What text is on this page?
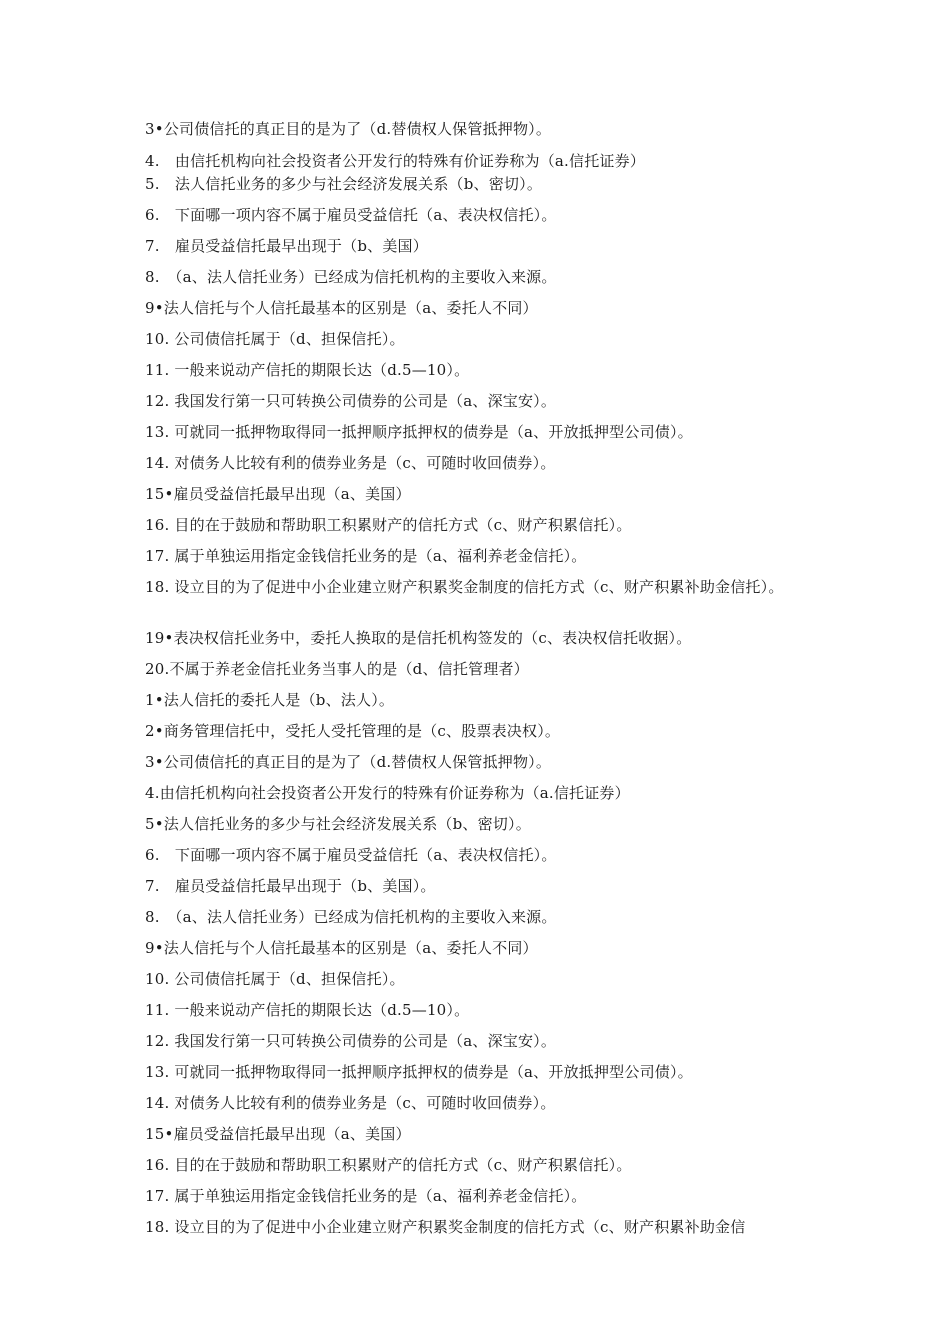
3•公司债信托的真正目的是为了（d.替债权人保管抵押物）。
4.　由信托机构向社会投资者公开发行的特殊有价证券称为（a.信托证券）
5.　法人信托业务的多少与社会经济发展关系（b、密切）。
6.　下面哪一项内容不属于雇员受益信托（a、表决权信托）。
7.　雇员受益信托最早出现于（b、美国）
8.　（a、法人信托业务）已经成为信托机构的主要收入来源。
9•法人信托与个人信托最基本的区别是（a、委托人不同）
10. 公司债信托属于（d、担保信托）。
11. 一般来说动产信托的期限长达（d.5—10）。
12. 我国发行第一只可转换公司债券的公司是（a、深宝安）。
13. 可就同一抵押物取得同一抵押顺序抵押权的债券是（a、开放抵押型公司债）。
14. 对债务人比较有利的债券业务是（c、可随时收回债券）。
15•雇员受益信托最早出现（a、美国）
16. 目的在于鼓励和帮助职工积累财产的信托方式（c、财产积累信托）。
17. 属于单独运用指定金钱信托业务的是（a、福利养老金信托）。
18. 设立目的为了促进中小企业建立财产积累奖金制度的信托方式（c、财产积累补助金信托）。
19•表决权信托业务中，委托人换取的是信托机构签发的（c、表决权信托收据）。
20.不属于养老金信托业务当事人的是（d、信托管理者）
1•法人信托的委托人是（b、法人）。
2•商务管理信托中，受托人受托管理的是（c、股票表决权）。
3•公司债信托的真正目的是为了（d.替债权人保管抵押物）。
4.由信托机构向社会投资者公开发行的特殊有价证券称为（a.信托证券）
5•法人信托业务的多少与社会经济发展关系（b、密切）。
6.　下面哪一项内容不属于雇员受益信托（a、表决权信托）。
7.　雇员受益信托最早出现于（b、美国）。
8.　（a、法人信托业务）已经成为信托机构的主要收入来源。
9•法人信托与个人信托最基本的区别是（a、委托人不同）
10. 公司债信托属于（d、担保信托）。
11. 一般来说动产信托的期限长达（d.5—10）。
12. 我国发行第一只可转换公司债券的公司是（a、深宝安）。
13. 可就同一抵押物取得同一抵押顺序抵押权的债券是（a、开放抵押型公司债）。
14. 对债务人比较有利的债券业务是（c、可随时收回债券）。
15•雇员受益信托最早出现（a、美国）
16. 目的在于鼓励和帮助职工积累财产的信托方式（c、财产积累信托）。
17. 属于单独运用指定金钱信托业务的是（a、福利养老金信托）。
18. 设立目的为了促进中小企业建立财产积累奖金制度的信托方式（c、财产积累补助金信
